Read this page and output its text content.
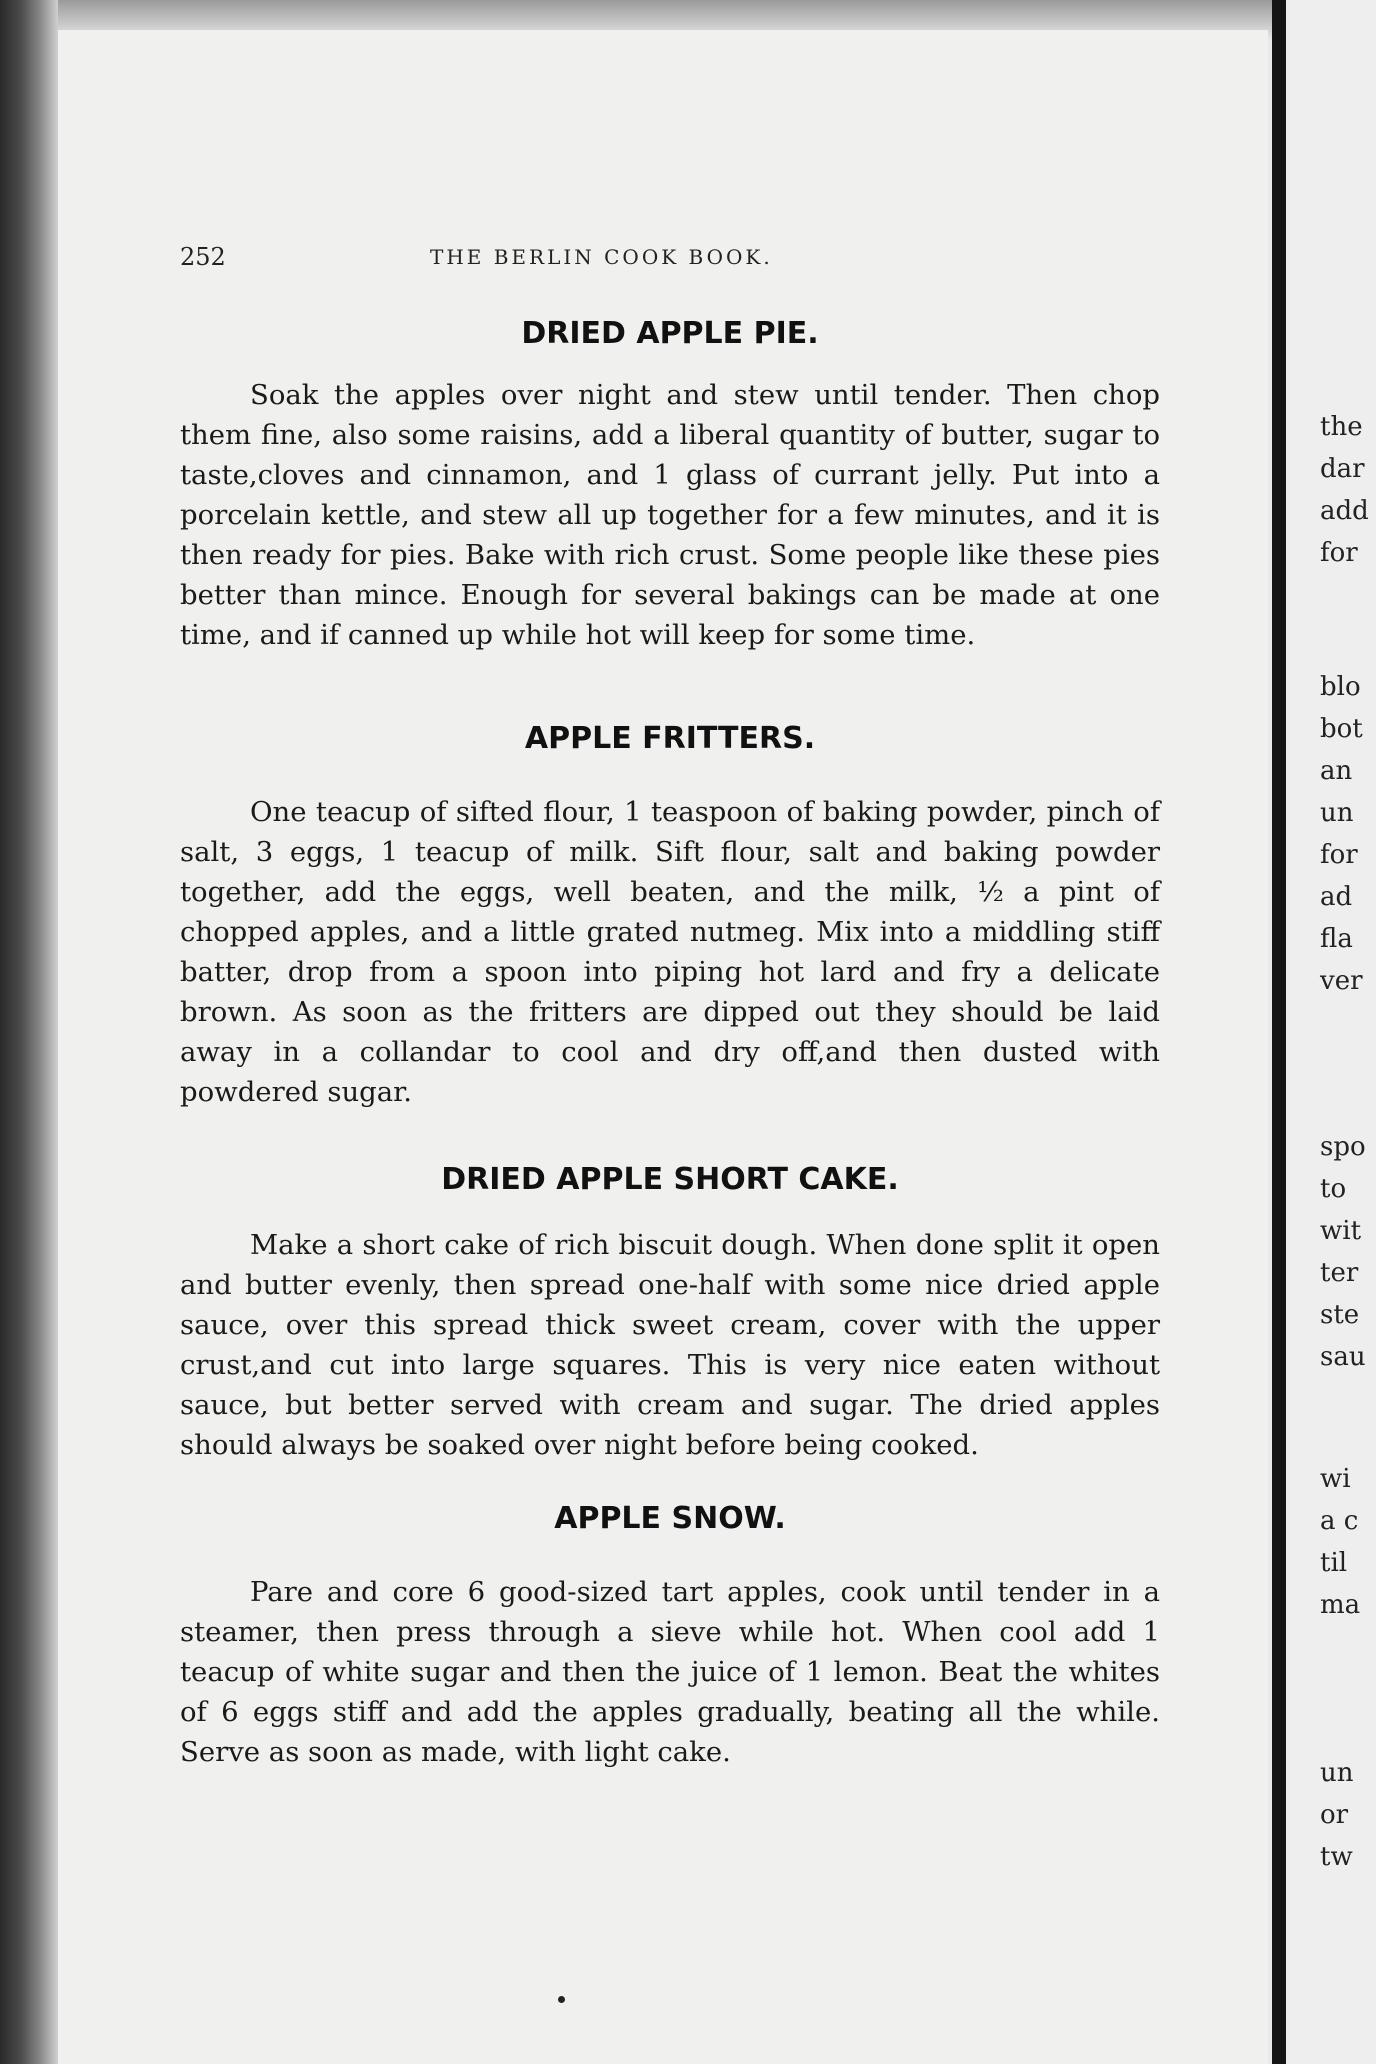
the
dar
add
for
blo
bot
an
un
for
ad
fla
ver
spo
to
wit
ter
ste
sau
wi
a c
til
ma
un
or
tw
252	THE BERLIN COOK BOOK.
DRIED APPLE PIE.

Soak the apples over night and stew until tender. Then chop them fine, also some raisins, add a liberal quantity of butter, sugar to taste,cloves and cinnamon, and 1 glass of currant jelly. Put into a porcelain kettle, and stew all up together for a few minutes, and it is then ready for pies. Bake with rich crust. Some people like these pies better than mince. Enough for several bakings can be made at one time, and if canned up while hot will keep for some time.

APPLE FRITTERS.

One teacup of sifted flour, 1 teaspoon of baking powder, pinch of salt, 3 eggs, 1 teacup of milk. Sift flour, salt and baking powder together, add the eggs, well beaten, and the milk, ½ a pint of chopped apples, and a little grated nutmeg. Mix into a middling stiff batter, drop from a spoon into piping hot lard and fry a delicate brown. As soon as the fritters are dipped out they should be laid away in a collandar to cool and dry off,and then dusted with powdered sugar.

DRIED APPLE SHORT CAKE.

Make a short cake of rich biscuit dough. When done split it open and butter evenly, then spread one-half with some nice dried apple sauce, over this spread thick sweet cream, cover with the upper crust,and cut into large squares. This is very nice eaten without sauce, but better served with cream and sugar. The dried apples should always be soaked over night before being cooked.

APPLE SNOW.

Pare and core 6 good-sized tart apples, cook until tender in a steamer, then press through a sieve while hot. When cool add 1 teacup of white sugar and then the juice of 1 lemon. Beat the whites of 6 eggs stiff and add the apples gradually, beating all the while. Serve as soon as made, with light cake.
